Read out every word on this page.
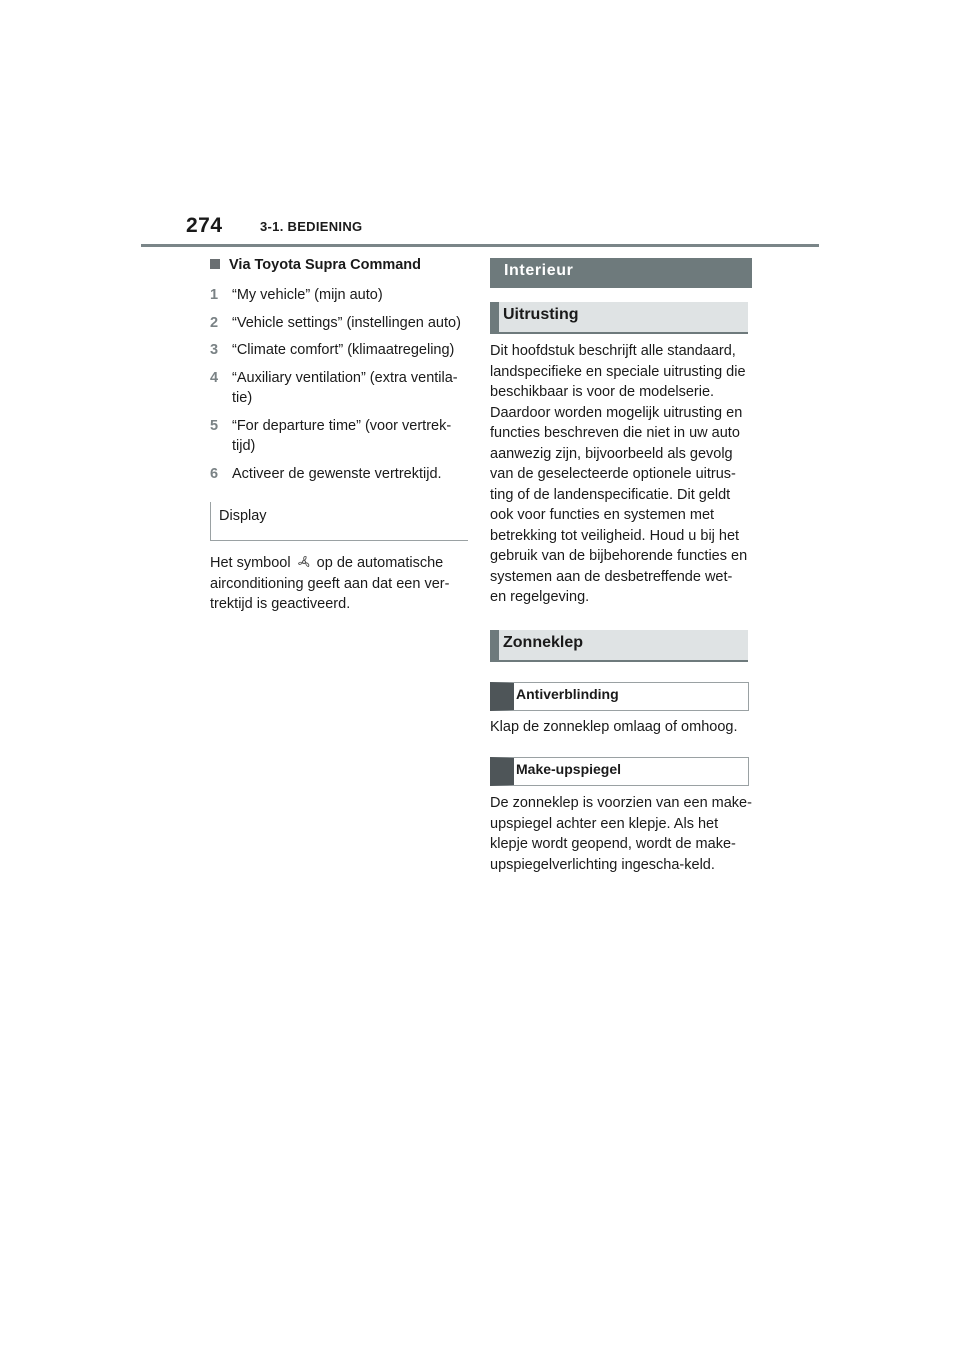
274	3-1. BEDIENING
Via Toyota Supra Command
1 “My vehicle” (mijn auto)
2 “Vehicle settings” (instellingen auto)
3 “Climate comfort” (klimaatregeling)
4 “Auxiliary ventilation” (extra ventila-tie)
5 “For departure time” (voor vertrek-tijd)
6 Activeer de gewenste vertrektijd.
Display

Het symbool op de automatische airconditioning geeft aan dat een ver-trektijd is geactiveerd.

Interieur
Uitrusting

Dit hoofdstuk beschrijft alle standaard, landspecifieke en speciale uitrusting die beschikbaar is voor de modelserie. Daardoor worden mogelijk uitrusting en functies beschreven die niet in uw auto aanwezig zijn, bijvoorbeeld als gevolg van de geselecteerde optionele uitrus-ting of de landenspecificatie. Dit geldt ook voor functies en systemen met betrekking tot veiligheid. Houd u bij het gebruik van de bijbehorende functies en systemen aan de desbetreffende wet- en regelgeving.

Zonneklep
Antiverblinding

Klap de zonneklep omlaag of omhoog.

Make-upspiegel

De zonneklep is voorzien van een make-upspiegel achter een klepje. Als het klepje wordt geopend, wordt de make-upspiegelverlichting ingescha-keld.
